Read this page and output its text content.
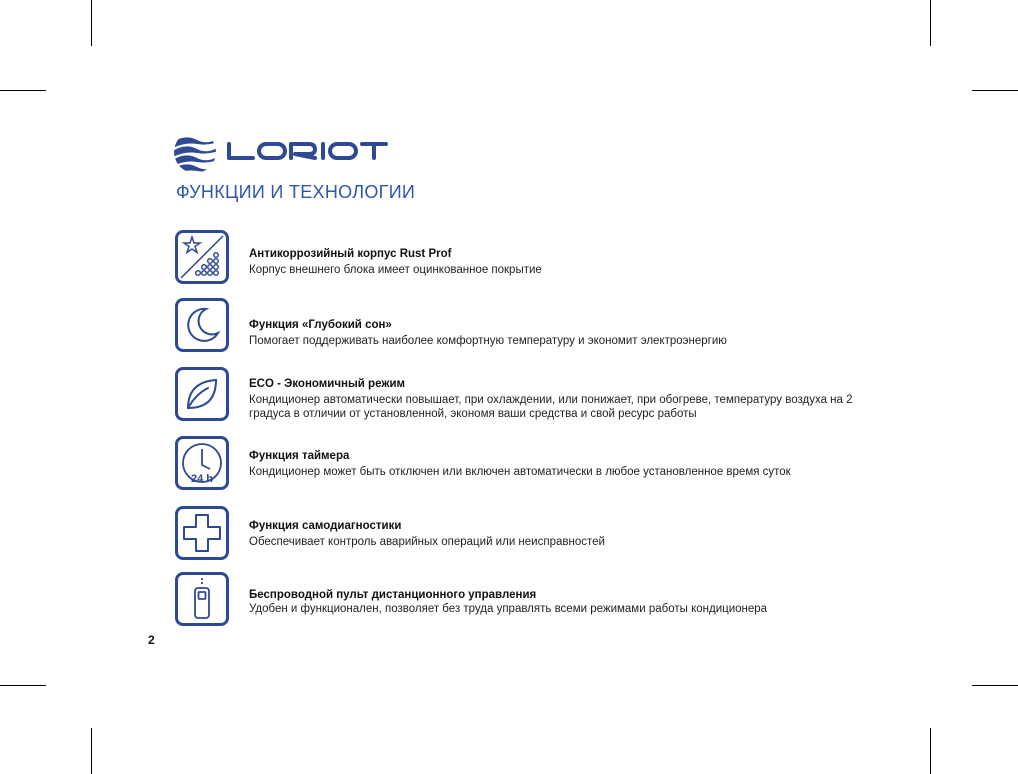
ФУНКЦИИ И ТЕХНОЛОГИИ
Антикоррозийный корпус Rust Prof
Корпус внешнего блока имеет оцинкованное покрытие
Функция «Глубокий сон»
Помогает поддерживать наиболее комфортную температуру и экономит электроэнергию
ECO - Экономичный режим
Кондиционер автоматически повышает, при охлаждении, или понижает, при обогреве, температуру воздуха на 2 градуса в отличии от установленной, экономя ваши средства и свой ресурс работы
24 h
Функция таймера
Кондиционер может быть отключен или включен автоматически в любое установленное время суток
Функция самодиагностики
Обеспечивает контроль аварийных операций или неисправностей
Беспроводной пульт дистанционного управления
Удобен и функционален, позволяет без труда управлять всеми режимами работы кондиционера
2
